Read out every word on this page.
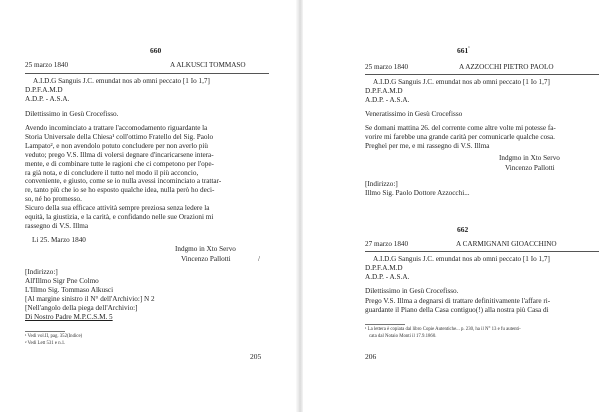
660
25 marzo 1840	A ALKUSCI TOMMASO
A.I.D.G Sanguis J.C. emundat nos ab omni peccato [1 Io 1,7]
D.P.F.A.M.D
A.D.P. - A.S.A.
Dilettissimo in Gesù Crocefisso.
Avendo incominciato a trattare l'accomodamento riguardante la
Storia Universale della Chiesa¹ coll'ottimo Fratello del Sig. Paolo
Lampato², e non avendolo potuto concludere per non averlo più
veduto; prego V.S. Illma di volersi degnare d'incaricarsene intera-
mente, e di combinare tutte le ragioni che ci competono per l'ope-
ra già nota, e di concludere il tutto nel modo il più acconcio,
conveniente, e giusto, come se io nulla avessi incominciato a trattar-
re, tanto più che io se ho esposto qualche idea, nulla però ho deci-
so, né ho promesso.
Sicuro della sua efficace attività sempre preziosa senza ledere la
equità, la giustizia, e la carità, e confidando nelle sue Orazioni mi
rassegno di V.S. Illma
Li 25. Marzo 1840
Indgmo in Xto Servo
Vincenzo Pallotti	/
[Indirizzo:]
All'Illmo Sigr Pne Colmo
L'Illmo Sig. Tommaso Alkusci
[Al margine sinistro il N° dell'Archivio:] N 2
[Nell'angolo della piega dell'Archivio:]
Di Nostro Padre M.P.C.S.M. 5
¹ Vedi vol.II, pag. 352(Indice)
² Vedi Lett 531 e n.1.
205
$661^{^1}$
25 marzo 1840	A AZZOCCHI PIETRO PAOLO
A.I.D.G Sanguis J.C. emundat nos ab omni peccato [1 Io 1,7]
D.P.F.A.M.D
A.D.P. - A.S.A.
Veneratissimo in Gesù Crocefisso
Se domani mattina 26. del corrente come altre volte mi potesse fa-
vorire mi farebbe una grande carità per comunicarle qualche cosa.
Pregheì per me, e mi rassegno di V.S. Illma
Indgmo in Xto Servo
Vincenzo Pallotti
[Indirizzo:]
Illmo Sig. Paolo Dottore Azzocchi...
662
27 marzo 1840	A CARMIGNANI GIOACCHINO
A.I.D.G Sanguis J.C. emundat nos ab omni peccato [1 Io 1,7]
D.P.F.A.M.D
A.D.P. - A.S.A.
Dilettissimo in Gesù Crocefisso.
Prego V.S. Illma a degnarsi di trattare definitivamente l'affare ri-
guardante il Piano della Casa contiguo(!) alla nostra più Casa di
¹ La lettera è copiata dal libro Copie Autentiche... p. 230, ha il N° 13 e fu autenti-
cata dal Notaio Monti il 17.9.1860.
206
